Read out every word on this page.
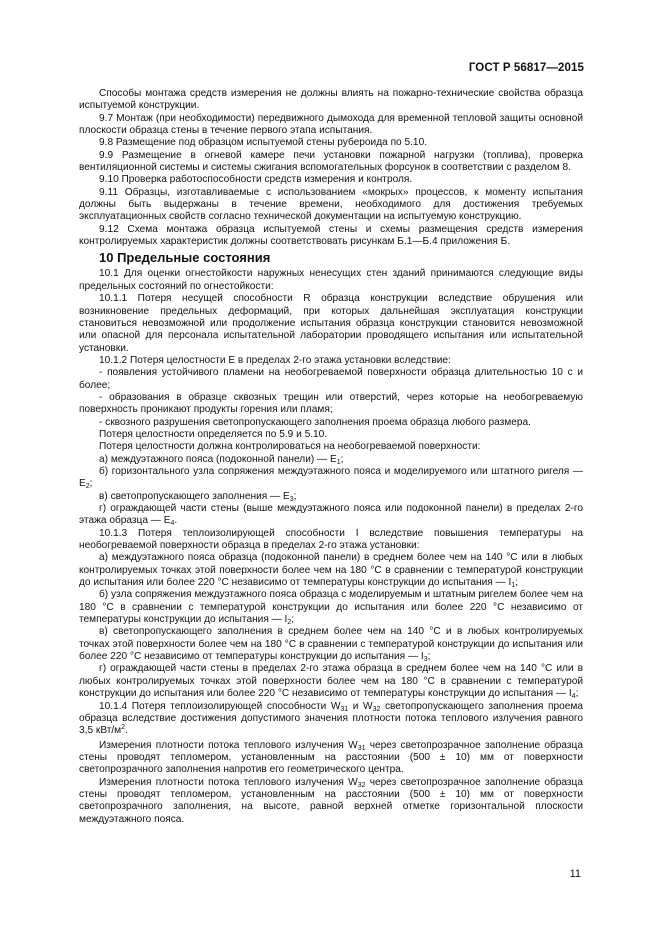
ГОСТ Р 56817—2015

Способы монтажа средств измерения не должны влиять на пожарно-технические свойства образца испытуемой конструкции.

9.7 Монтаж (при необходимости) передвижного дымохода для временной тепловой защиты основной плоскости образца стены в течение первого этапа испытания.

9.8 Размещение под образцом испытуемой стены рубероида по 5.10.

9.9 Размещение в огневой камере печи установки пожарной нагрузки (топлива), проверка вентиляционной системы и системы сжигания вспомогательных форсунок в соответствии с разделом 8.

9.10 Проверка работоспособности средств измерения и контроля.

9.11 Образцы, изготавливаемые с использованием «мокрых» процессов, к моменту испытания должны быть выдержаны в течение времени, необходимого для достижения требуемых эксплуатационных свойств согласно технической документации на испытуемую конструкцию.

9.12 Схема монтажа образца испытуемой стены и схемы размещения средств измерения контролируемых характеристик должны соответствовать рисункам Б.1—Б.4 приложения Б.

10 Предельные состояния

10.1 Для оценки огнестойкости наружных ненесущих стен зданий принимаются следующие виды предельных состояний по огнестойкости:

10.1.1 Потеря несущей способности R образца конструкции вследствие обрушения или возникновение предельных деформаций, при которых дальнейшая эксплуатация конструкции становиться невозможной или продолжение испытания образца конструкции становится невозможной или опасной для персонала испытательной лаборатории проводящего испытания или испытательной установки.

10.1.2 Потеря целостности Е в пределах 2-го этажа установки вследствие:

- появления устойчивого пламени на необогреваемой поверхности образца длительностью 10 с и более;

- образования в образце сквозных трещин или отверстий, через которые на необогреваемую поверхность проникают продукты горения или пламя;

- сквозного разрушения светопропускающего заполнения проема образца любого размера.

Потеря целостности определяется по 5.9 и 5.10.

Потеря целостности должна контролироваться на необогреваемой поверхности:

а) междуэтажного пояса (подоконной панели) — $E_1$;

б) горизонтального узла сопряжения междуэтажного пояса и моделируемого или штатного ригеля — $E_2$;

в) светопропускающего заполнения — $E_3$;

г) ограждающей части стены (выше междуэтажного пояса или подоконной панели) в пределах 2-го этажа образца — $E_4$.

10.1.3 Потеря теплоизолирующей способности I вследствие повышения температуры на необогреваемой поверхности образца в пределах 2-го этажа установки:

а) междуэтажного пояса образца (подоконной панели) в среднем более чем на 140 °С или в любых контролируемых точках этой поверхности более чем на 180 °С в сравнении с температурой конструкции до испытания или более 220 °С независимо от температуры конструкции до испытания — $I_1$;

б) узла сопряжения междуэтажного пояса образца с моделируемым и штатным ригелем более чем на 180 °С в сравнении с температурой конструкции до испытания или более 220 °С независимо от температуры конструкции до испытания — $I_2$;

в) светопропускающего заполнения в среднем более чем на 140 °С и в любых контролируемых точках этой поверхности более чем на 180 °С в сравнении с температурой конструкции до испытания или более 220 °С независимо от температуры конструкции до испытания — $I_3$;

г) ограждающей части стены в пределах 2-го этажа образца в среднем более чем на 140 °С или в любых контролируемых точках этой поверхности более чем на 180 °С в сравнении с температурой конструкции до испытания или более 220 °С независимо от температуры конструкции до испытания — $I_4$;

10.1.4 Потеря теплоизолирующей способности $W_{31}$ и $W_{32}$ светопропускающего заполнения проема образца вследствие достижения допустимого значения плотности потока теплового излучения равного 3,5 кВт/$м^2$.

Измерения плотности потока теплового излучения $W_{31}$ через светопрозрачное заполнение образца стены проводят тепломером, установленным на расстоянии (500 ± 10) мм от поверхности светопрозрачного заполнения напротив его геометрического центра.

Измерения плотности потока теплового излучения $W_{32}$ через светопрозрачное заполнение образца стены проводят тепломером, установленным на расстоянии (500 ± 10) мм от поверхности светопрозрачного заполнения, на высоте, равной верхней отметке горизонтальной плоскости междуэтажного пояса.

11
